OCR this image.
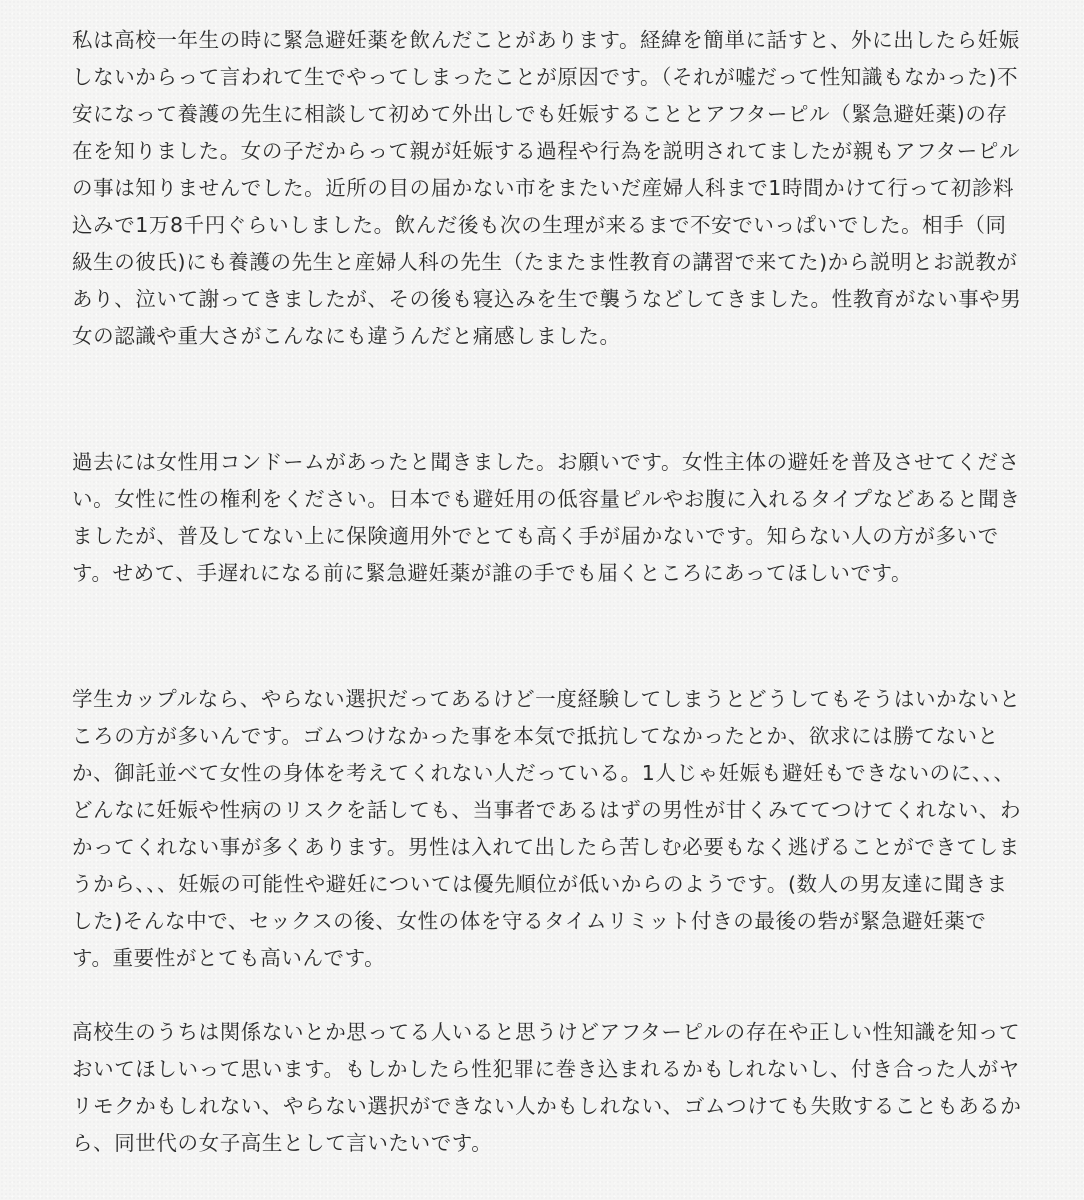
私は高校一年生の時に緊急避妊薬を飲んだことがあります。経緯を簡単に話すと、外に出したら妊娠しないからって言われて生でやってしまったことが原因です。（それが嘘だって性知識もなかった)不安になって養護の先生に相談して初めて外出しでも妊娠することとアフターピル（緊急避妊薬)の存在を知りました。女の子だからって親が妊娠する過程や行為を説明されてましたが親もアフターピルの事は知りませんでした。近所の目の届かない市をまたいだ産婦人科まで1時間かけて行って初診料込みで1万8千円ぐらいしました。飲んだ後も次の生理が来るまで不安でいっぱいでした。相手（同級生の彼氏)にも養護の先生と産婦人科の先生（たまたま性教育の講習で来てた)から説明とお説教があり、泣いて謝ってきましたが、その後も寝込みを生で襲うなどしてきました。性教育がない事や男女の認識や重大さがこんなにも違うんだと痛感しました。

過去には女性用コンドームがあったと聞きました。お願いです。女性主体の避妊を普及させてください。女性に性の権利をください。日本でも避妊用の低容量ピルやお腹に入れるタイプなどあると聞きましたが、普及してない上に保険適用外でとても高く手が届かないです。知らない人の方が多いです。せめて、手遅れになる前に緊急避妊薬が誰の手でも届くところにあってほしいです。

学生カップルなら、やらない選択だってあるけど一度経験してしまうとどうしてもそうはいかないところの方が多いんです。ゴムつけなかった事を本気で抵抗してなかったとか、欲求には勝てないとか、御託並べて女性の身体を考えてくれない人だっている。1人じゃ妊娠も避妊もできないのに、、、どんなに妊娠や性病のリスクを話しても、当事者であるはずの男性が甘くみててつけてくれない、わかってくれない事が多くあります。男性は入れて出したら苦しむ必要もなく逃げることができてしまうから、、、妊娠の可能性や避妊については優先順位が低いからのようです。(数人の男友達に聞きました)そんな中で、セックスの後、女性の体を守るタイムリミット付きの最後の砦が緊急避妊薬です。重要性がとても高いんです。

高校生のうちは関係ないとか思ってる人いると思うけどアフターピルの存在や正しい性知識を知っておいてほしいって思います。もしかしたら性犯罪に巻き込まれるかもしれないし、付き合った人がヤリモクかもしれない、やらない選択ができない人かもしれない、ゴムつけても失敗することもあるから、同世代の女子高生として言いたいです。
